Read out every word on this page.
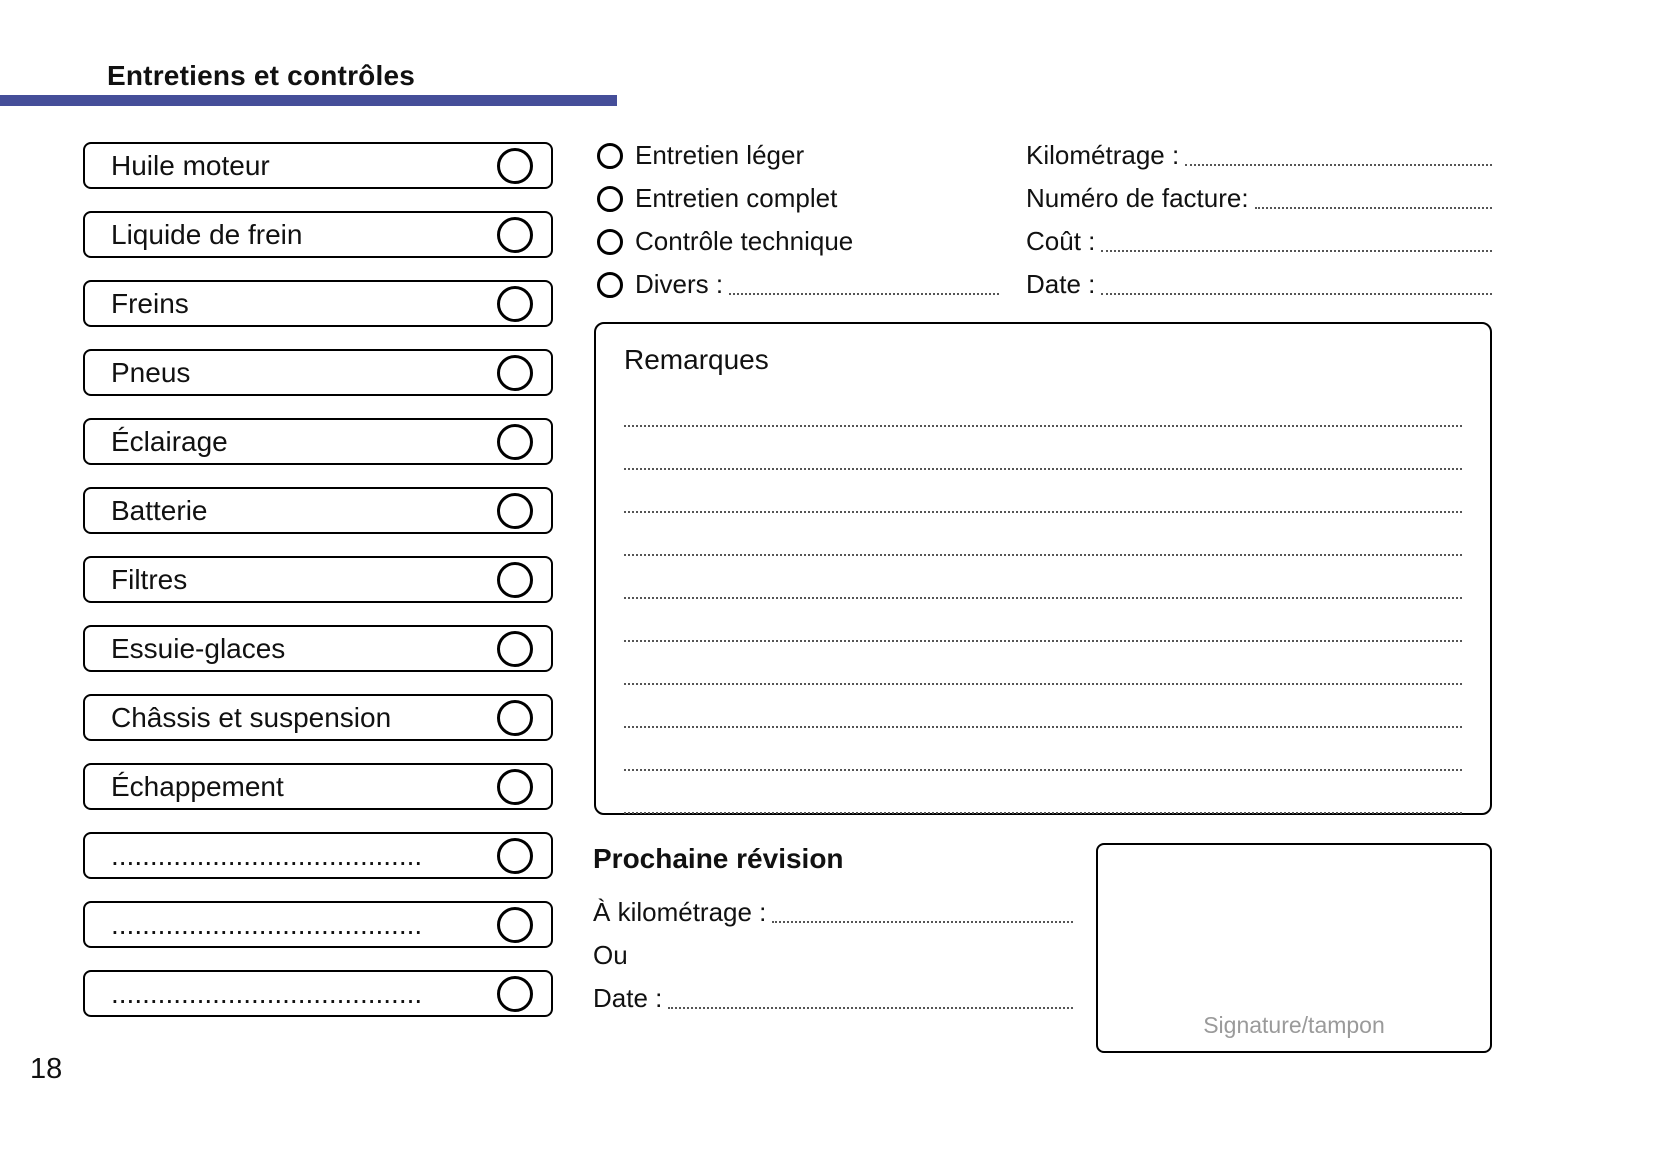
Entretiens et contrôles
Huile moteur
Liquide de frein
Freins
Pneus
Éclairage
Batterie
Filtres
Essuie-glaces
Châssis et suspension
Échappement
........................................
........................................
........................................
Entretien léger
Entretien complet
Contrôle technique
Divers :
Kilométrage :
Numéro de facture:
Coût :
Date :
Remarques
Prochaine révision
À kilométrage :
Ou
Date :
Signature/tampon
18
